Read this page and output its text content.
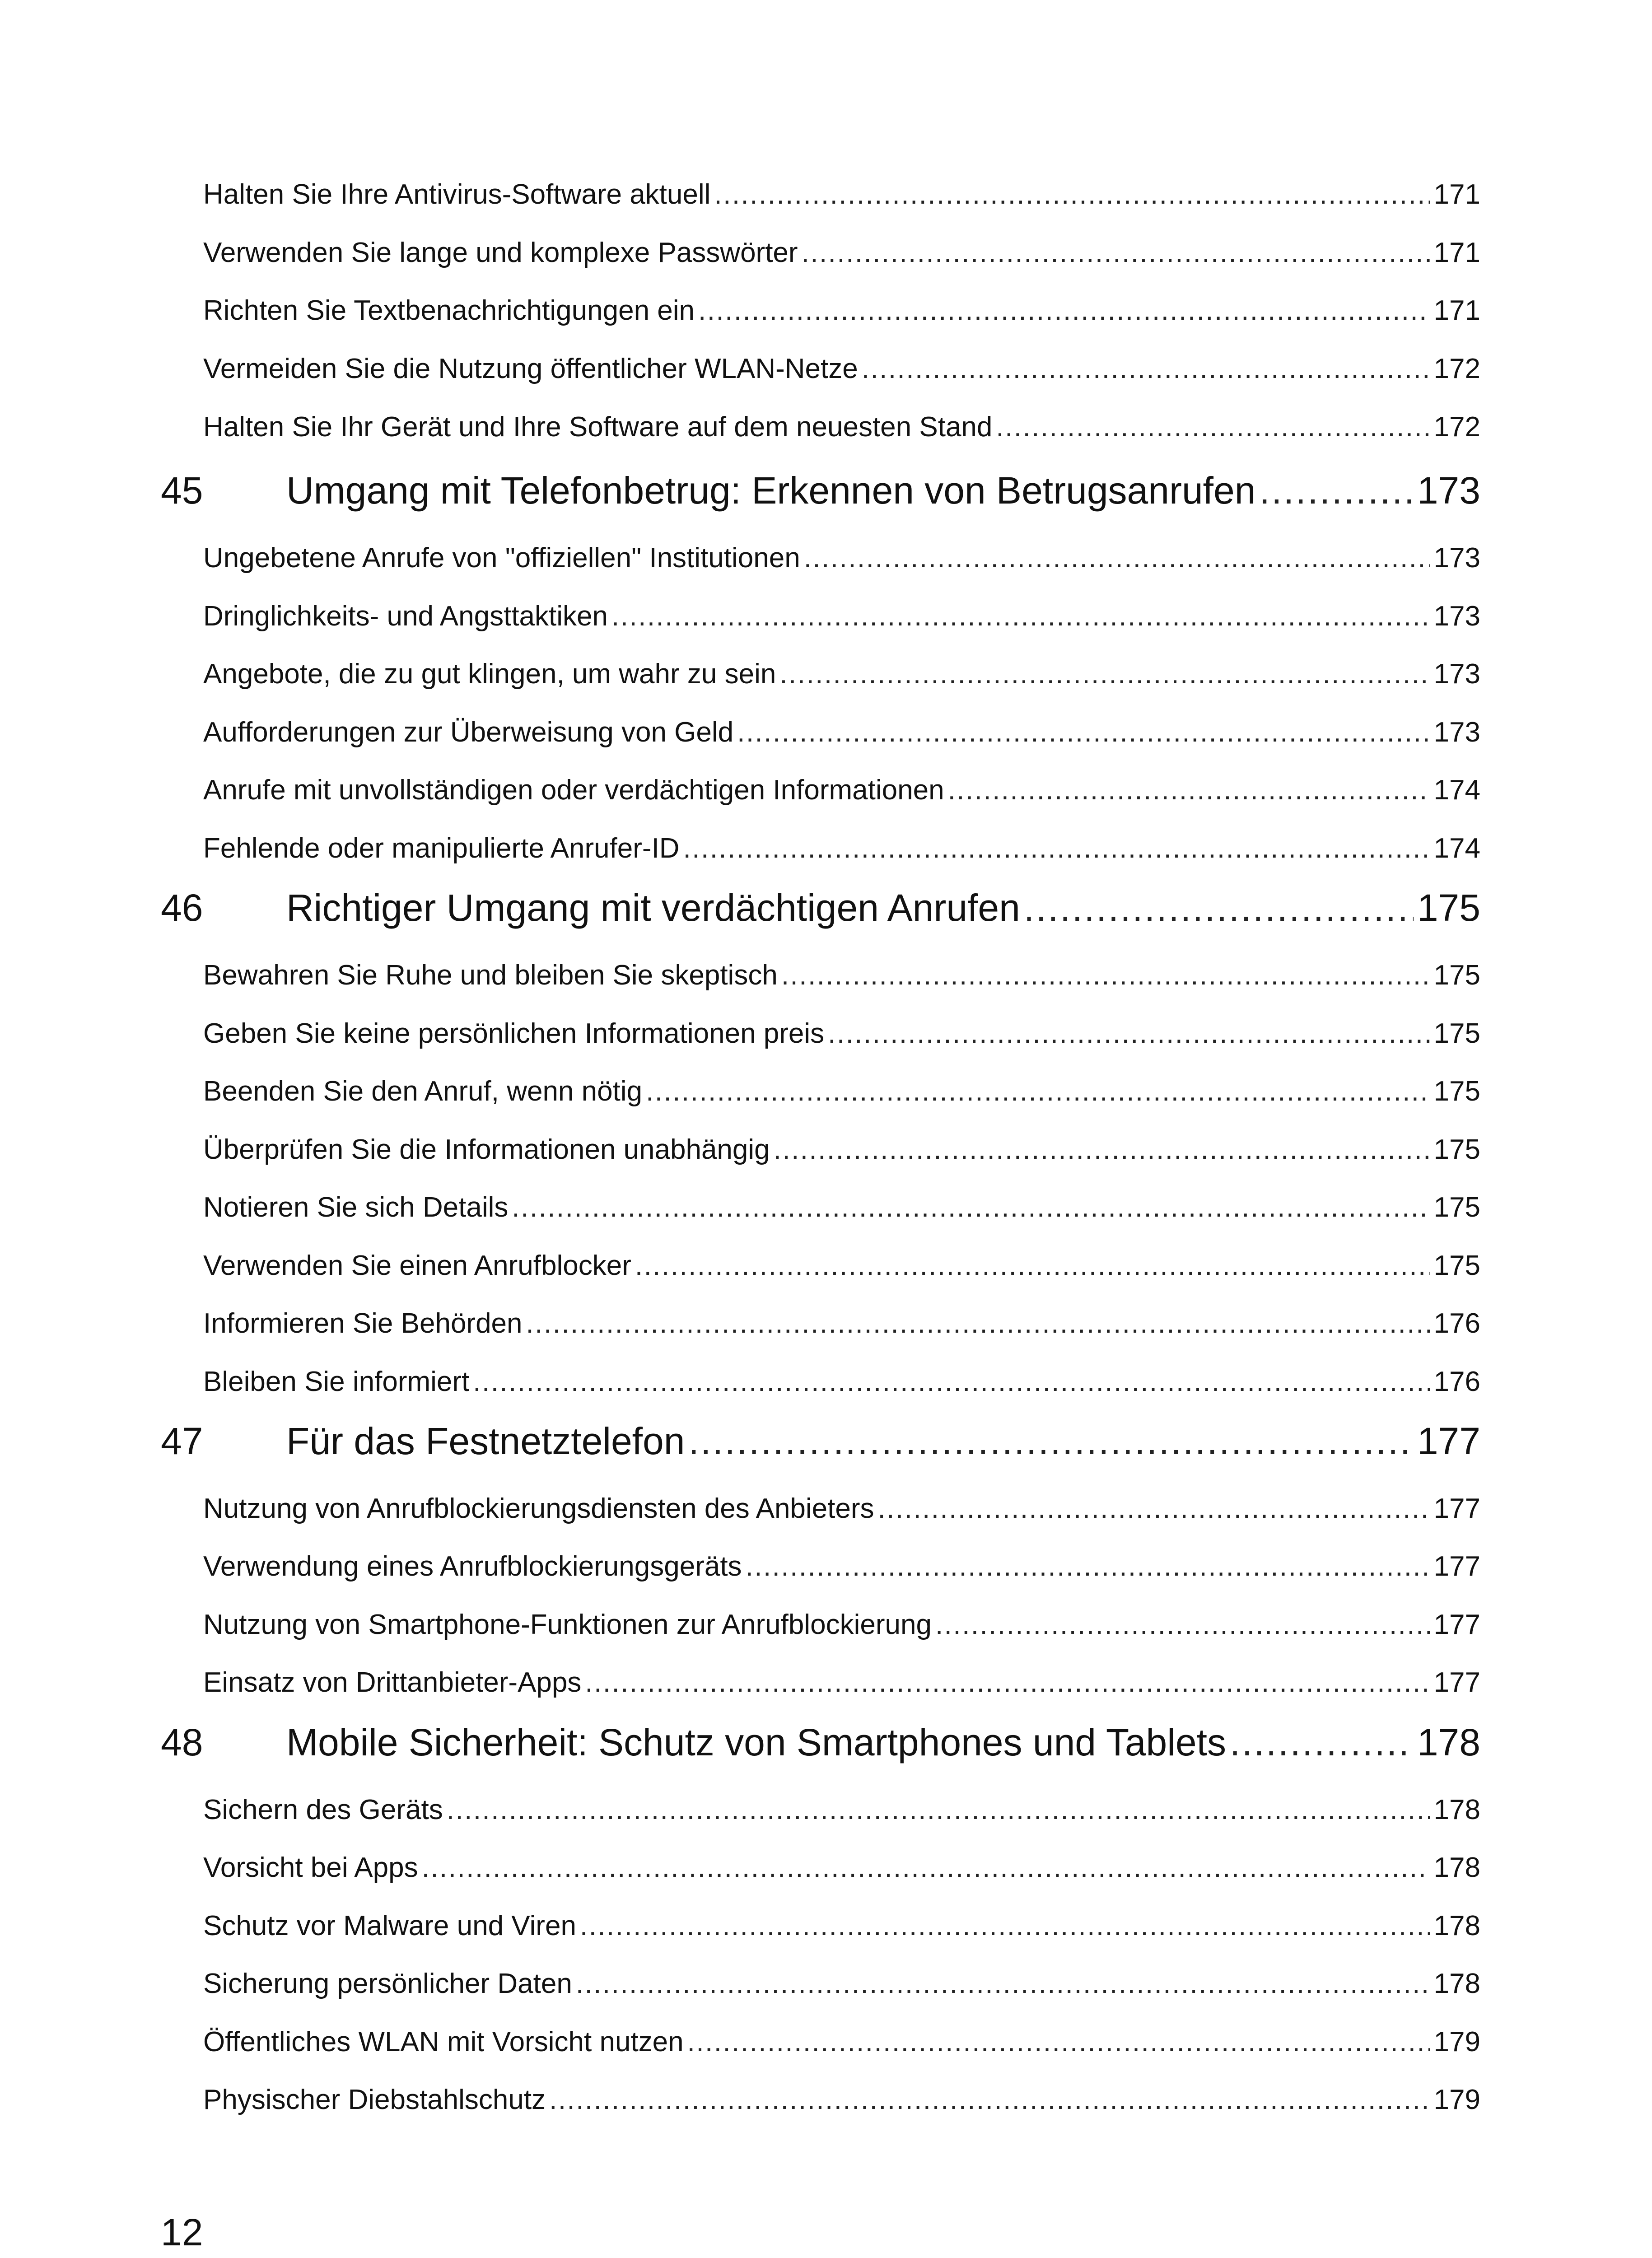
Halten Sie Ihre Antivirus-Software aktuell .....	171
Verwenden Sie lange und komplexe Passwörter .....	171
Richten Sie Textbenachrichtigungen ein .....	171
Vermeiden Sie die Nutzung öffentlicher WLAN-Netze .....	172
Halten Sie Ihr Gerät und Ihre Software auf dem neuesten Stand .....	172
45	Umgang mit Telefonbetrug: Erkennen von Betrugsanrufen .....	173
Ungebetene Anrufe von "offiziellen" Institutionen .....	173
Dringlichkeits- und Angsttaktiken .....	173
Angebote, die zu gut klingen, um wahr zu sein .....	173
Aufforderungen zur Überweisung von Geld .....	173
Anrufe mit unvollständigen oder verdächtigen Informationen .....	174
Fehlende oder manipulierte Anrufer-ID .....	174
46	Richtiger Umgang mit verdächtigen Anrufen .....	175
Bewahren Sie Ruhe und bleiben Sie skeptisch .....	175
Geben Sie keine persönlichen Informationen preis .....	175
Beenden Sie den Anruf, wenn nötig .....	175
Überprüfen Sie die Informationen unabhängig .....	175
Notieren Sie sich Details .....	175
Verwenden Sie einen Anrufblocker .....	175
Informieren Sie Behörden .....	176
Bleiben Sie informiert .....	176
47	Für das Festnetztelefon .....	177
Nutzung von Anrufblockierungsdiensten des Anbieters .....	177
Verwendung eines Anrufblockierungsgeräts .....	177
Nutzung von Smartphone-Funktionen zur Anrufblockierung .....	177
Einsatz von Drittanbieter-Apps .....	177
48	Mobile Sicherheit: Schutz von Smartphones und Tablets .....	178
Sichern des Geräts .....	178
Vorsicht bei Apps .....	178
Schutz vor Malware und Viren .....	178
Sicherung persönlicher Daten .....	178
Öffentliches WLAN mit Vorsicht nutzen .....	179
Physischer Diebstahlschutz .....	179
12
